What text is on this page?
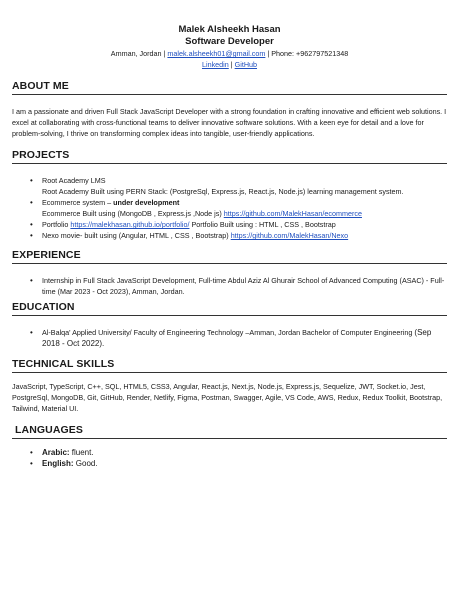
Malek Alsheekh Hasan
Software Developer
Amman, Jordan | malek.alsheekh01@gmail.com | Phone: +962797521348
Linkedin | GitHub
ABOUT ME
I am a passionate and driven Full Stack JavaScript Developer with a strong foundation in crafting innovative and efficient web solutions. I excel at collaborating with cross-functional teams to deliver innovative software solutions. With a keen eye for detail and a love for problem-solving, I thrive on transforming complex ideas into tangible, user-friendly applications.
PROJECTS
• Root Academy LMS
Root Academy Built using PERN Stack: (PostgreSql, Express.js, React.js, Node.js) learning management system.
• Ecommerce system – under development
Ecommerce Built using (MongoDB , Express.js ,Node js) https://github.com/MalekHasan/ecommerce
• Portfolio https://malekhasan.github.io/portfolio/ Portfolio Built using : HTML , CSS , Bootstrap
• Nexo movie- built using (Angular, HTML , CSS , Bootstrap) https://github.com/MalekHasan/Nexo
EXPERIENCE
• Internship in Full Stack JavaScript Development, Full-time Abdul Aziz Al Ghurair School of Advanced Computing (ASAC) - Full-time (Mar 2023 - Oct 2023), Amman, Jordan.
EDUCATION
• Al-Balqa' Applied University/ Faculty of Engineering Technology –Amman, Jordan Bachelor of Computer Engineering (Sep 2018 - Oct 2022).
TECHNICAL SKILLS
JavaScript, TypeScript, C++, SQL, HTML5, CSS3, Angular, React.js, Next.js, Node.js, Express.js, Sequelize, JWT, Socket.io, Jest, PostgreSql, MongoDB, Git, GitHub, Render, Netlify, Figma, Postman, Swagger, Agile, VS Code, AWS, Redux, Redux Toolkit, Bootstrap, Tailwind, Material UI.
LANGUAGES
• Arabic: fluent.
• English: Good.
